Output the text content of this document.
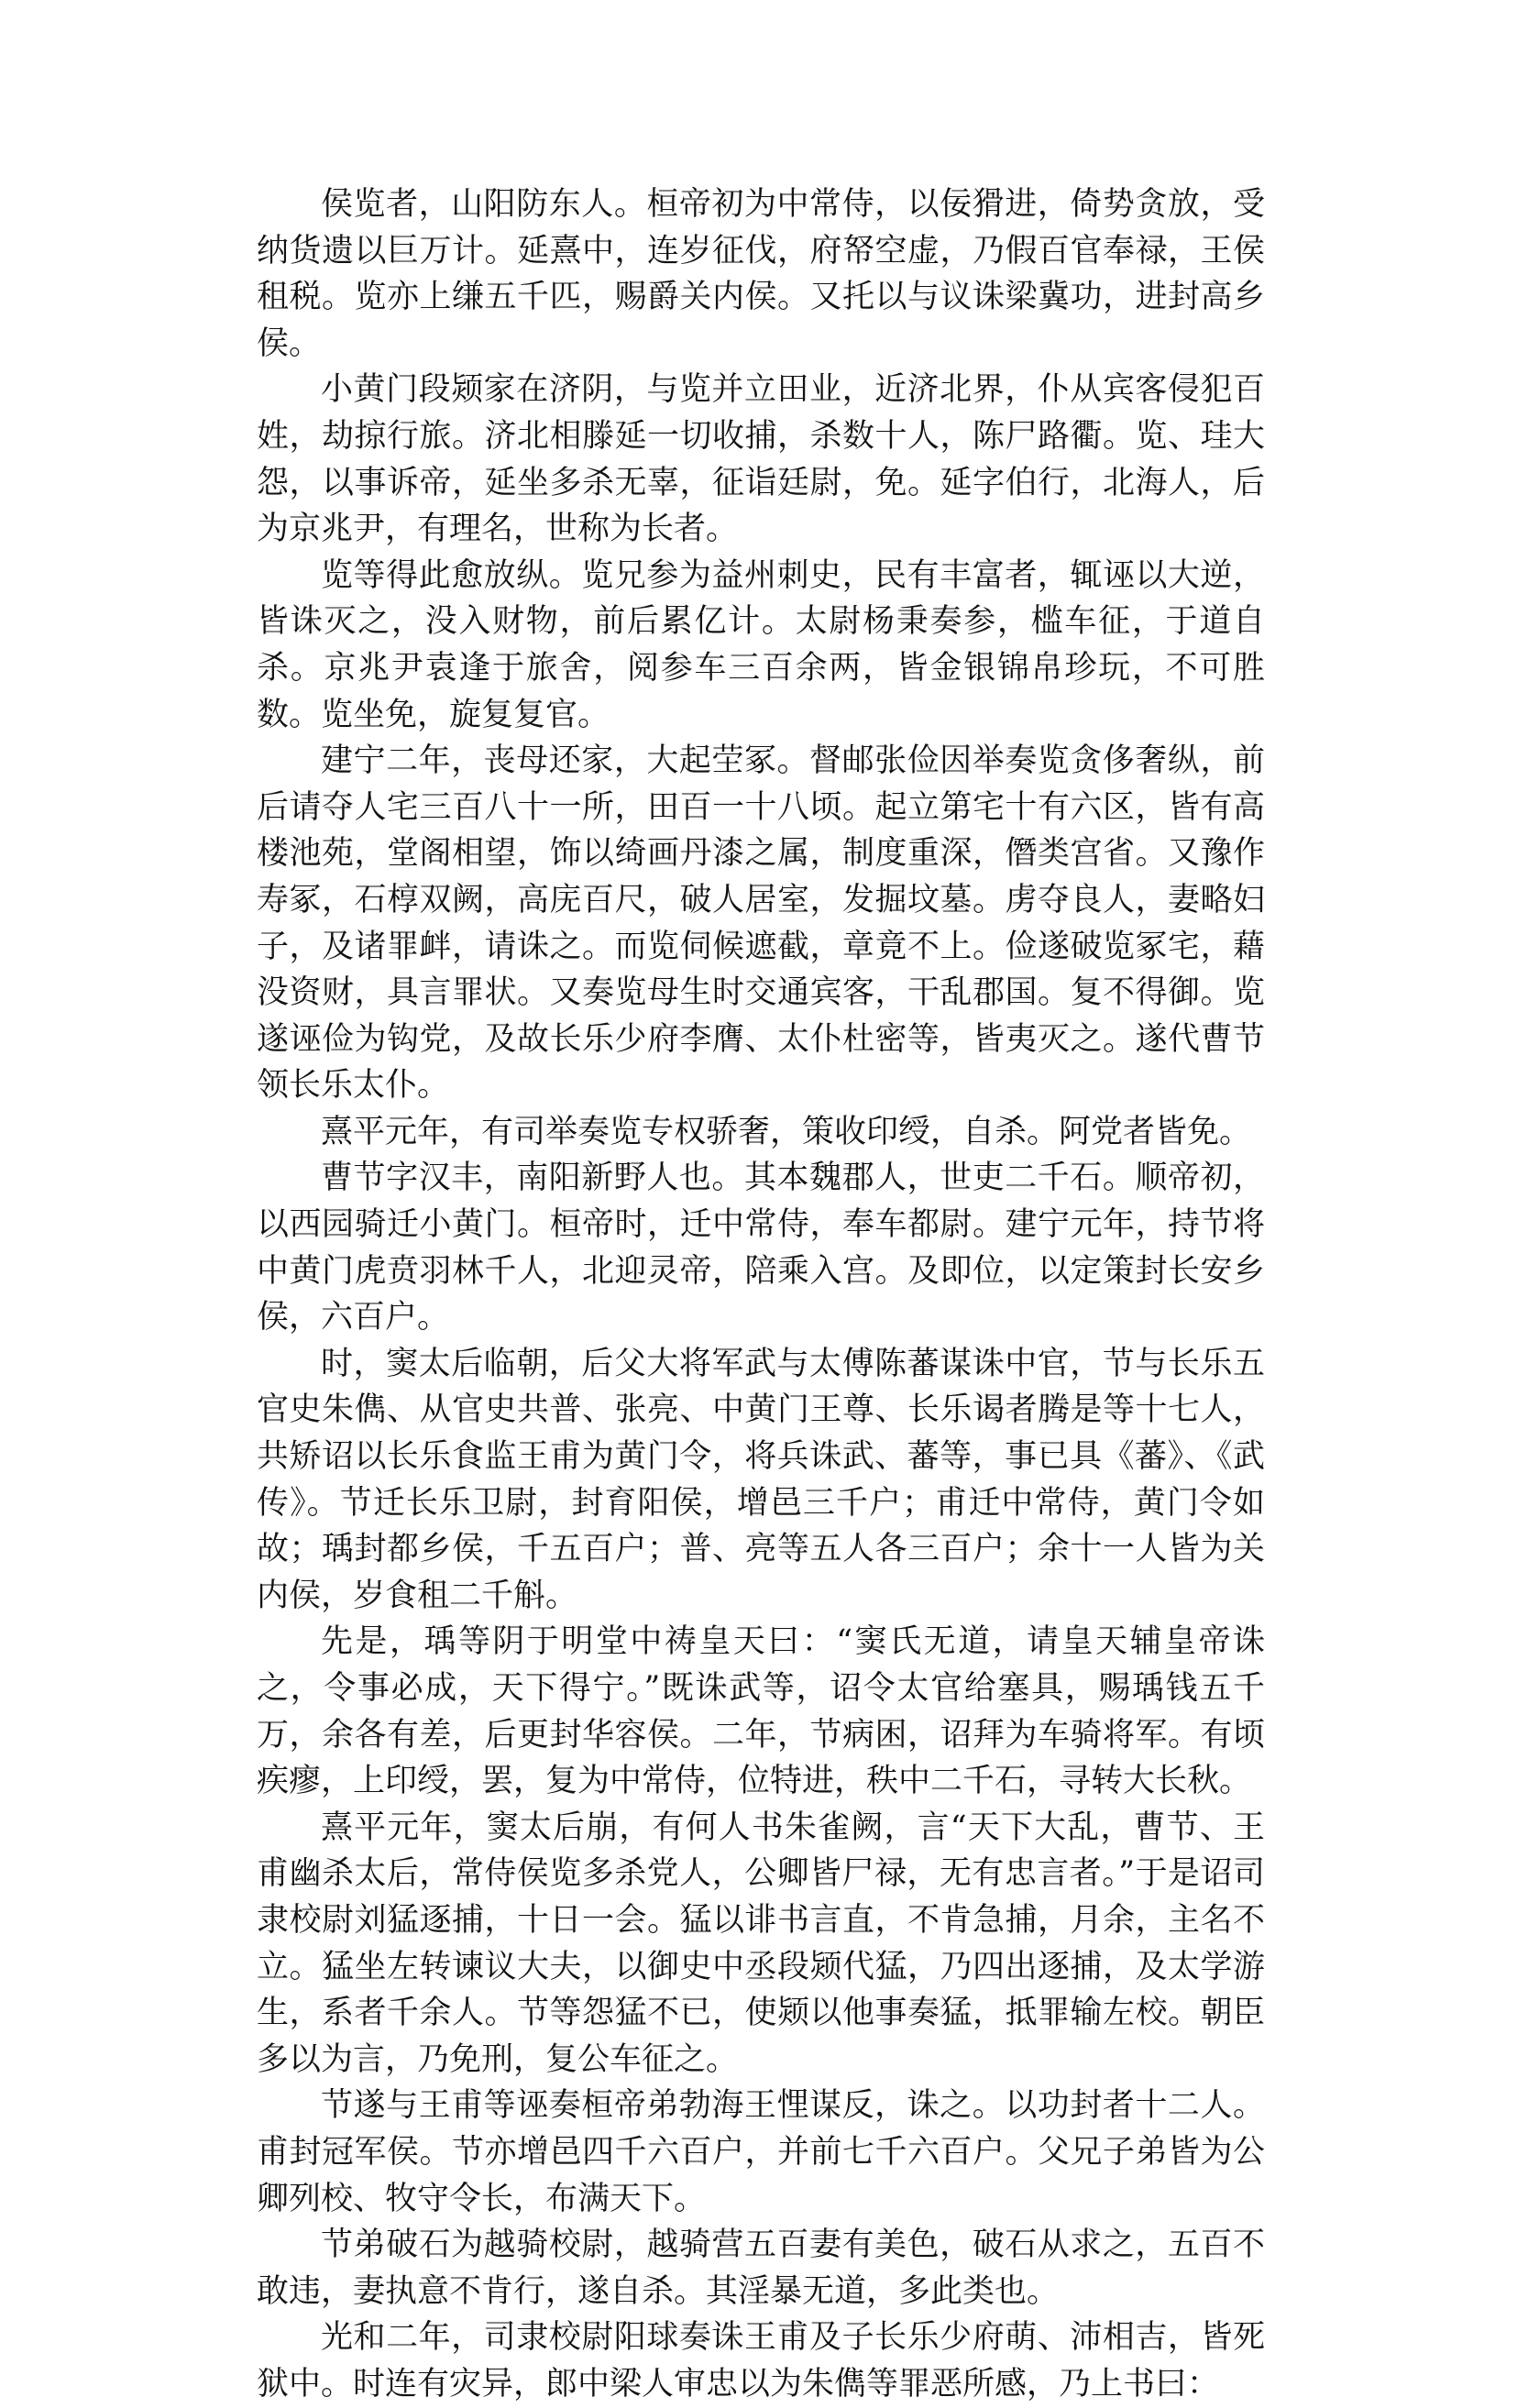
侯览者，山阳防东人。桓帝初为中常侍，以佞猾进，倚势贪放，受纳货遗以巨万计。延熹中，连岁征伐，府帑空虚，乃假百官奉禄，王侯租税。览亦上缣五千匹，赐爵关内侯。又托以与议诛梁冀功，进封高乡侯。

小黄门段颎家在济阴，与览并立田业，近济北界，仆从宾客侵犯百姓，劫掠行旅。济北相滕延一切收捕，杀数十人，陈尸路衢。览、珪大怨，以事诉帝，延坐多杀无辜，征诣廷尉，免。延字伯行，北海人，后为京兆尹，有理名，世称为长者。

览等得此愈放纵。览兄参为益州刺史，民有丰富者，辄诬以大逆，皆诛灭之，没入财物，前后累亿计。太尉杨秉奏参，槛车征，于道自杀。京兆尹袁逢于旅舍，阅参车三百余两，皆金银锦帛珍玩，不可胜数。览坐免，旋复复官。

建宁二年，丧母还家，大起茔冢。督邮张俭因举奏览贪侈奢纵，前后请夺人宅三百八十一所，田百一十八顷。起立第宅十有六区，皆有高楼池苑，堂阁相望，饰以绮画丹漆之属，制度重深，僭类宫省。又豫作寿冢，石椁双阙，高庑百尺，破人居室，发掘坟墓。虏夺良人，妻略妇子，及诸罪衅，请诛之。而览伺候遮截，章竟不上。俭遂破览冢宅，藉没资财，具言罪状。又奏览母生时交通宾客，干乱郡国。复不得御。览遂诬俭为钩党，及故长乐少府李膺、太仆杜密等，皆夷灭之。遂代曹节领长乐太仆。

熹平元年，有司举奏览专权骄奢，策收印绶，自杀。阿党者皆免。

曹节字汉丰，南阳新野人也。其本魏郡人，世吏二千石。顺帝初，以西园骑迁小黄门。桓帝时，迁中常侍，奉车都尉。建宁元年，持节将中黄门虎贲羽林千人，北迎灵帝，陪乘入宫。及即位，以定策封长安乡侯，六百户。

时，窦太后临朝，后父大将军武与太傅陈蕃谋诛中官，节与长乐五官史朱儁、从官史共普、张亮、中黄门王尊、长乐谒者腾是等十七人，共矫诏以长乐食监王甫为黄门令，将兵诛武、蕃等，事已具《蕃》、《武传》。节迁长乐卫尉，封育阳侯，增邑三千户；甫迁中常侍，黄门令如故；瑀封都乡侯，千五百户；普、亮等五人各三百户；余十一人皆为关内侯，岁食租二千斛。

先是，瑀等阴于明堂中祷皇天曰：“窦氏无道，请皇天辅皇帝诛之，令事必成，天下得宁。”既诛武等，诏令太官给塞具，赐瑀钱五千万，余各有差，后更封华容侯。二年，节病困，诏拜为车骑将军。有顷疾瘳，上印绶，罢，复为中常侍，位特进，秩中二千石，寻转大长秋。

熹平元年，窦太后崩，有何人书朱雀阙，言“天下大乱，曹节、王甫幽杀太后，常侍侯览多杀党人，公卿皆尸禄，无有忠言者。”于是诏司隶校尉刘猛逐捕，十日一会。猛以诽书言直，不肯急捕，月余，主名不立。猛坐左转谏议大夫，以御史中丞段颎代猛，乃四出逐捕，及太学游生，系者千余人。节等怨猛不已，使颎以他事奏猛，抵罪输左校。朝臣多以为言，乃免刑，复公车征之。

节遂与王甫等诬奏桓帝弟勃海王悝谋反，诛之。以功封者十二人。甫封冠军侯。节亦增邑四千六百户，并前七千六百户。父兄子弟皆为公卿列校、牧守令长，布满天下。

节弟破石为越骑校尉，越骑营五百妻有美色，破石从求之，五百不敢违，妻执意不肯行，遂自杀。其淫暴无道，多此类也。

光和二年，司隶校尉阳球奏诛王甫及子长乐少府萌、沛相吉，皆死狱中。时连有灾异，郎中梁人审忠以为朱儁等罪恶所感，乃上书曰：
